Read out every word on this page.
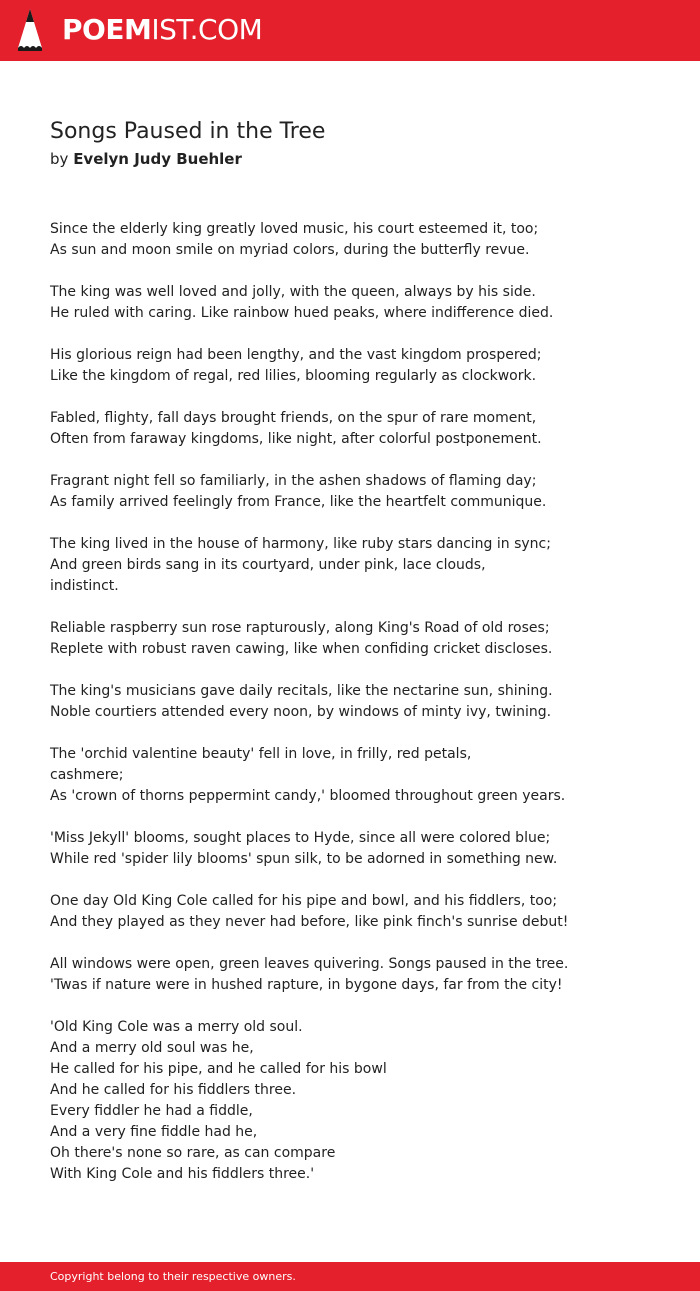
POEMIST.COM
Songs Paused in the Tree
by Evelyn Judy Buehler
Since the elderly king greatly loved music, his court esteemed it, too;
As sun and moon smile on myriad colors, during the butterfly revue.
The king was well loved and jolly, with the queen, always by his side.
He ruled with caring. Like rainbow hued peaks, where indifference died.
His glorious reign had been lengthy, and the vast kingdom prospered;
Like the kingdom of regal, red lilies, blooming regularly as clockwork.
Fabled, flighty, fall days brought friends, on the spur of rare moment,
Often from faraway kingdoms, like night, after colorful postponement.
Fragrant night fell so familiarly, in the ashen shadows of flaming day;
As family arrived feelingly from France, like the heartfelt communique.
The king lived in the house of harmony, like ruby stars dancing in sync;
And green birds sang in its courtyard, under pink, lace clouds,
indistinct.
Reliable raspberry sun rose rapturously, along King's Road of old roses;
Replete with robust raven cawing, like when confiding cricket discloses.
The king's musicians gave daily recitals, like the nectarine sun, shining.
Noble courtiers attended every noon, by windows of minty ivy, twining.
The 'orchid valentine beauty' fell in love, in frilly, red petals,
cashmere;
As 'crown of thorns peppermint candy,' bloomed throughout green years.
'Miss Jekyll' blooms, sought places to Hyde, since all were colored blue;
While red 'spider lily blooms' spun silk, to be adorned in something new.
One day Old King Cole called for his pipe and bowl, and his fiddlers, too;
And they played as they never had before, like pink finch's sunrise debut!
All windows were open, green leaves quivering. Songs paused in the tree.
'Twas if nature were in hushed rapture, in bygone days, far from the city!
'Old King Cole was a merry old soul.
And a merry old soul was he,
He called for his pipe, and he called for his bowl
And he called for his fiddlers three.
Every fiddler he had a fiddle,
And a very fine fiddle had he,
Oh there's none so rare, as can compare
With King Cole and his fiddlers three.'
Copyright belong to their respective owners.
